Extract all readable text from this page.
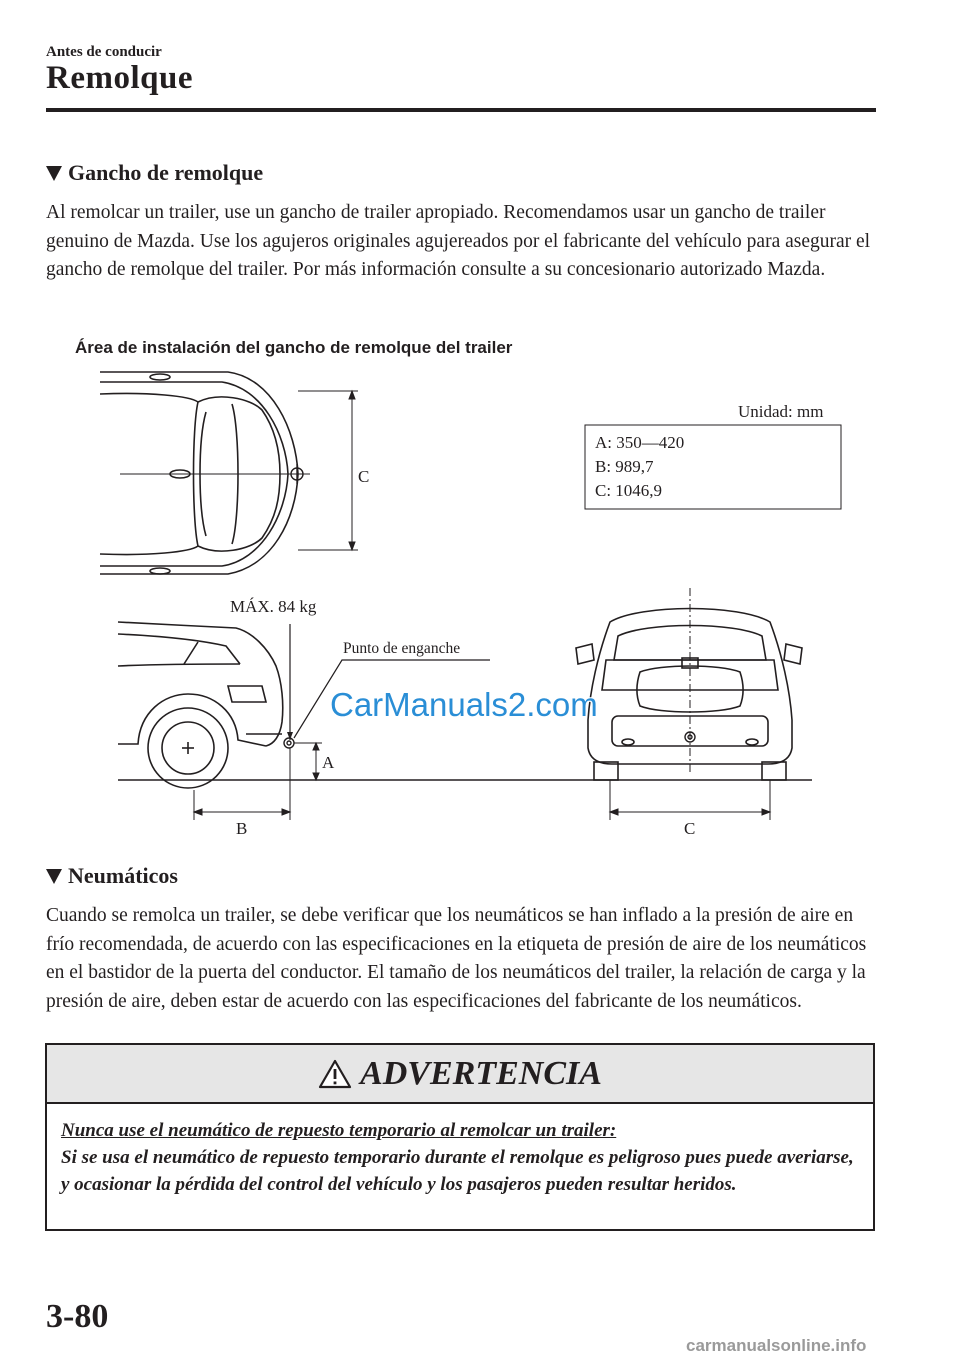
Antes de conducir
Remolque
Gancho de remolque
Al remolcar un trailer, use un gancho de trailer apropiado. Recomendamos usar un gancho de trailer genuino de Mazda. Use los agujeros originales agujereados por el fabricante del vehículo para asegurar el gancho de remolque del trailer. Por más información consulte a su concesionario autorizado Mazda.
Área de instalación del gancho de remolque del trailer
C
Unidad: mm
A: 350—420
B: 989,7
C: 1046,9
MÁX. 84 kg
Punto de enganche
A
B	C
CarManuals2.com
Neumáticos
Cuando se remolca un trailer, se debe verificar que los neumáticos se han inflado a la presión de aire en frío recomendada, de acuerdo con las especificaciones en la etiqueta de presión de aire de los neumáticos en el bastidor de la puerta del conductor. El tamaño de los neumáticos del trailer, la relación de carga y la presión de aire, deben estar de acuerdo con las especificaciones del fabricante de los neumáticos.
ADVERTENCIA
Nunca use el neumático de repuesto temporario al remolcar un trailer:
Si se usa el neumático de repuesto temporario durante el remolque es peligroso pues puede averiarse, y ocasionar la pérdida del control del vehículo y los pasajeros pueden resultar heridos.
3-80
carmanualsonline.info
